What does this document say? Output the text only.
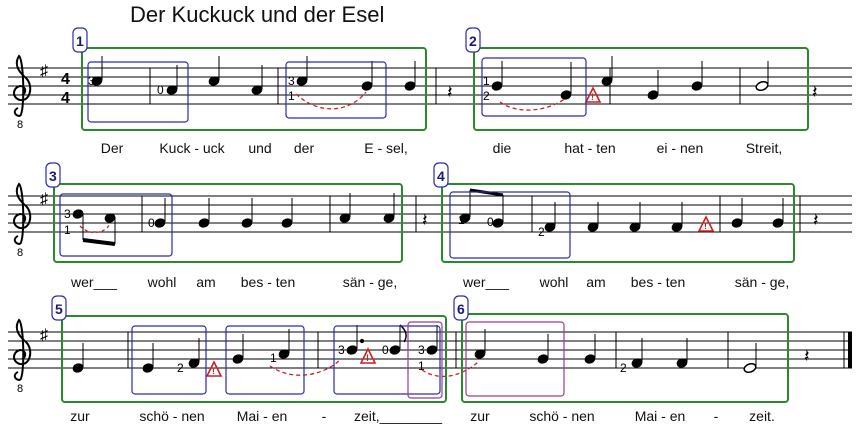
Der Kuckuck und der Esel
8
♯ 4
4	𝄽	𝄽
3
0
3
1
1
2	!
1	2
8
♯
𝄽	𝄽
3
1	0	1 0
2	!
3	4
8
♯
𝄽
2
1
3	0 3
1	2
!
!
5	6
Der	Kuck - uck und der	E - sel,	die	hat - ten	ei - nen	Streit,
wer___ wohl am bes - ten	sän - ge,	wer___ wohl am bes - ten	sän - ge,
zur	schö - nen Mai - en - zeit,________ zur	schö - nen	Mai - en - zeit.
